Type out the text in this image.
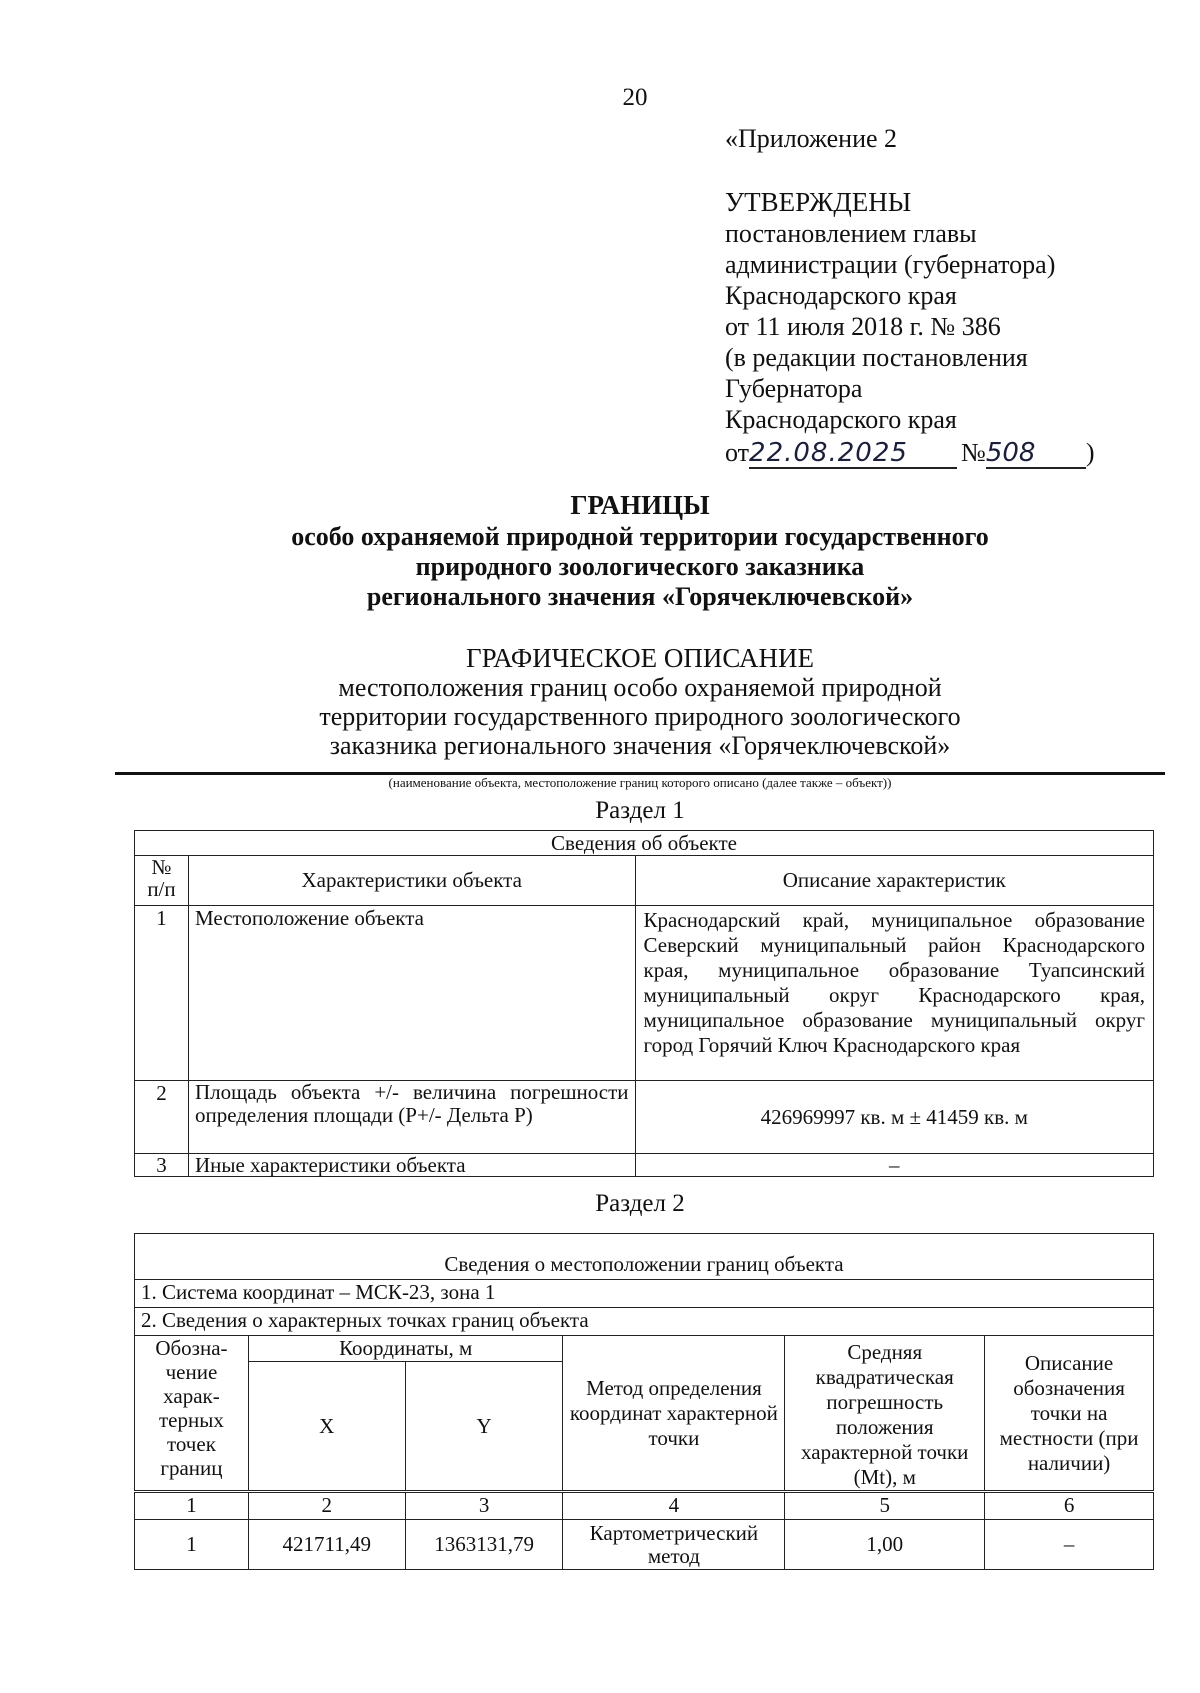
20
«Приложение 2
УТВЕРЖДЕНЫ
постановлением главы
администрации (губернатора)
Краснодарского края
от 11 июля 2018 г. № 386
(в редакции постановления
Губернатора
Краснодарского края
от22.08.2025 №508 )
ГРАНИЦЫ
особо охраняемой природной территории государственного
природного зоологического заказника
регионального значения «Горячеключевской»
ГРАФИЧЕСКОЕ ОПИСАНИЕ
местоположения границ особо охраняемой природной
территории государственного природного зоологического
заказника регионального значения «Горячеключевской»
(наименование объекта, местоположение границ которого описано (далее также – объект))
Раздел 1
Сведения об объекте		
№ п/п	Характеристики объекта	Описание характеристик
1	Местоположение объекта	Краснодарский край, муниципальное образование Северский муниципальный район Краснодарского края, муниципальное образование Туапсинский муниципальный округ Краснодарского края, муниципальное образование муниципальный округ город Горячий Ключ Краснодарского края
2	Площадь объекта +/- величина погрешности определения площади (P+/- Дельта P)	426969997 кв. м ± 41459 кв. м
3	Иные характеристики объекта	–
Раздел 2
Сведения о местоположении границ объекта					
1. Система координат – МСК-23, зона 1					
2. Сведения о характерных точках границ объекта					
Обозна-чение харак-терных точек границ	Координаты, м		Метод определения координат характерной точки	Средняя квадратическая погрешность положения характерной точки (Mt), м	Описание обозначения точки на местности (при наличии)
	X	Y			
1	2	3	4	5	6
1	421711,49	1363131,79	Картометрический метод	1,00	–
